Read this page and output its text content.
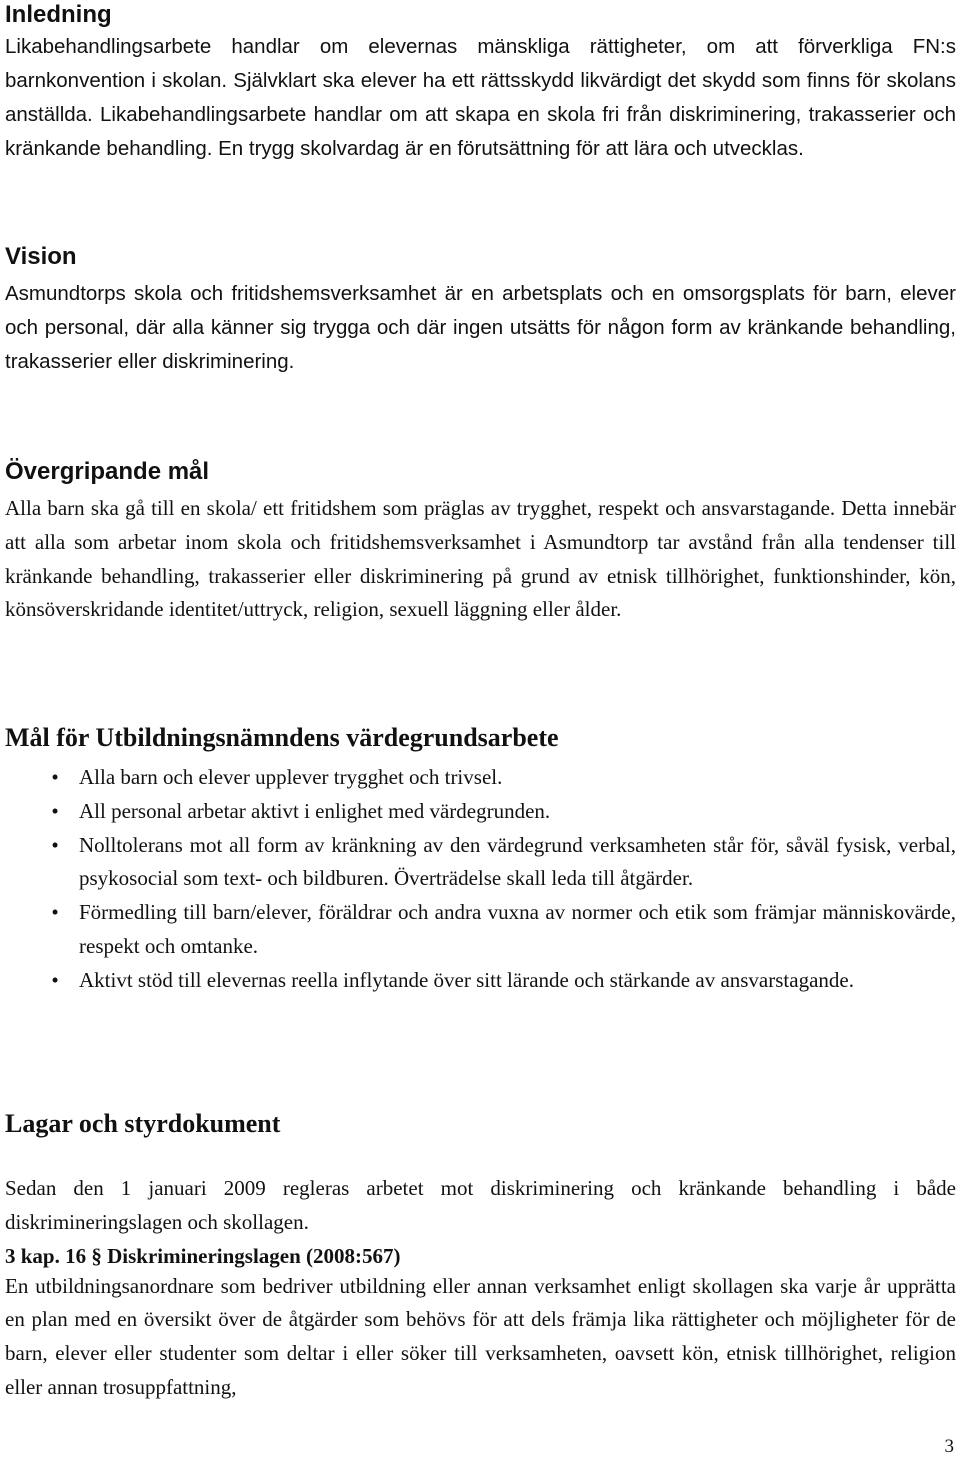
Inledning

Likabehandlingsarbete handlar om elevernas mänskliga rättigheter, om att förverkliga FN:s barnkonvention i skolan. Självklart ska elever ha ett rättsskydd likvärdigt det skydd som finns för skolans anställda. Likabehandlingsarbete handlar om att skapa en skola fri från diskriminering, trakasserier och kränkande behandling. En trygg skolvardag är en förutsättning för att lära och utvecklas.

Vision

Asmundtorps skola och fritidshemsverksamhet är en arbetsplats och en omsorgsplats för barn, elever och personal, där alla känner sig trygga och där ingen utsätts för någon form av kränkande behandling, trakasserier eller diskriminering.

Övergripande mål

Alla barn ska gå till en skola/ ett fritidshem som präglas av trygghet, respekt och ansvarstagande. Detta innebär att alla som arbetar inom skola och fritidshemsverksamhet i Asmundtorp tar avstånd från alla tendenser till kränkande behandling, trakasserier eller diskriminering på grund av etnisk tillhörighet, funktionshinder, kön, könsöverskridande identitet/uttryck, religion, sexuell läggning eller ålder.

Mål för Utbildningsnämndens värdegrundsarbete
• Alla barn och elever upplever trygghet och trivsel.
• All personal arbetar aktivt i enlighet med värdegrunden.
• Nolltolerans mot all form av kränkning av den värdegrund verksamheten står för, såväl fysisk, verbal, psykosocial som text- och bildburen. Överträdelse skall leda till åtgärder.
• Förmedling till barn/elever, föräldrar och andra vuxna av normer och etik som främjar människovärde, respekt och omtanke.
• Aktivt stöd till elevernas reella inflytande över sitt lärande och stärkande av ansvarstagande.
Lagar och styrdokument

Sedan den 1 januari 2009 regleras arbetet mot diskriminering och kränkande behandling i både diskrimineringslagen och skollagen.

3 kap. 16 § Diskrimineringslagen (2008:567)

En utbildningsanordnare som bedriver utbildning eller annan verksamhet enligt skollagen ska varje år upprätta en plan med en översikt över de åtgärder som behövs för att dels främja lika rättigheter och möjligheter för de barn, elever eller studenter som deltar i eller söker till verksamheten, oavsett kön, etnisk tillhörighet, religion eller annan trosuppfattning,

3
